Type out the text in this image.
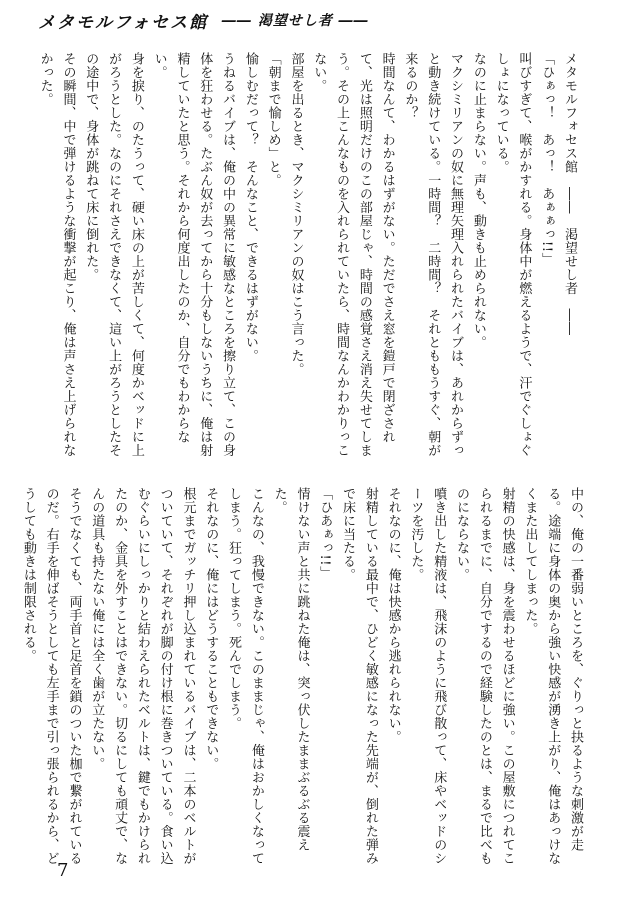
メタモルフォセス館 ―― 渇望せし者 ――
メタモルフォセス館　――　渇望せし者　――
「ひぁっ！　あっ！　あぁぁっ!!」
叫びすぎて、喉がかすれる。身体中が燃えるようで、汗でぐしょぐしょになっている。
なのに止まらない。声も、動きも止められない。
マクシミリアンの奴に無理矢理入れられたバイブは、あれからずっと動き続けている。一時間？　二時間？　それとももうすぐ、朝が来るのか？
時間なんて、わかるはずがない。ただでさえ窓を鎧戸で閉ざされて、光は照明だけのこの部屋じゃ、時間の感覚さえ消え失せてしまう。その上こんなものを入れられていたら、時間なんかわかりっこない。
部屋を出るとき、マクシミリアンの奴はこう言った。
「朝まで愉しめ」と。
愉しむだって？　そんなこと、できるはずがない。
うねるバイブは、俺の中の異常に敏感なところを擦り立て、この身体を狂わせる。たぶん奴が去ってから十分もしないうちに、俺は射精していたと思う。それから何度出したのか、自分でもわからない。
身を捩り、のたうって、硬い床の上が苦しくて、何度かベッドに上がろうとした。なのにそれさえできなくて、這い上がろうとしたその途中で、身体が跳ねて床に倒れた。
その瞬間、中で弾けるような衝撃が起こり、俺は声さえ上げられなかった。
中の、俺の一番弱いところを、ぐりっと抉るような刺激が走る。途端に身体の奥から強い快感が湧き上がり、俺はあっけなくまた出してしまった。
射精の快感は、身を震わせるほどに強い。この屋敷につれてこられるまでに、自分でするので経験したのとは、まるで比べものにならない。
噴き出した精液は、飛沫のように飛び散って、床やベッドのシーツを汚した。
それなのに、俺は快感から逃れられない。
射精している最中で、ひどく敏感になった先端が、倒れた弾みで床に当たる。
「ひあぁっ!!」
情けない声と共に跳ねた俺は、突っ伏したままぶるぶる震えた。
こんなの、我慢できない。このままじゃ、俺はおかしくなってしまう。狂ってしまう。死んでしまう。
それなのに、俺にはどうすることもできない。
根元までガッチリ押し込まれているバイブは、二本のベルトがついていて、それぞれが脚の付け根に巻きついている。食い込むぐらいにしっかりと結わえられたベルトは、鍵でもかけられたのか、金具を外すことはできない。切るにしても頑丈で、なんの道具も持たない俺には全く歯が立たない。
そうでなくても、両手首と足首を鎖のついた枷で繋がれているのだ。右手を伸ばそうとしても左手まで引っ張られるから、どうしても動きは制限される。
7
